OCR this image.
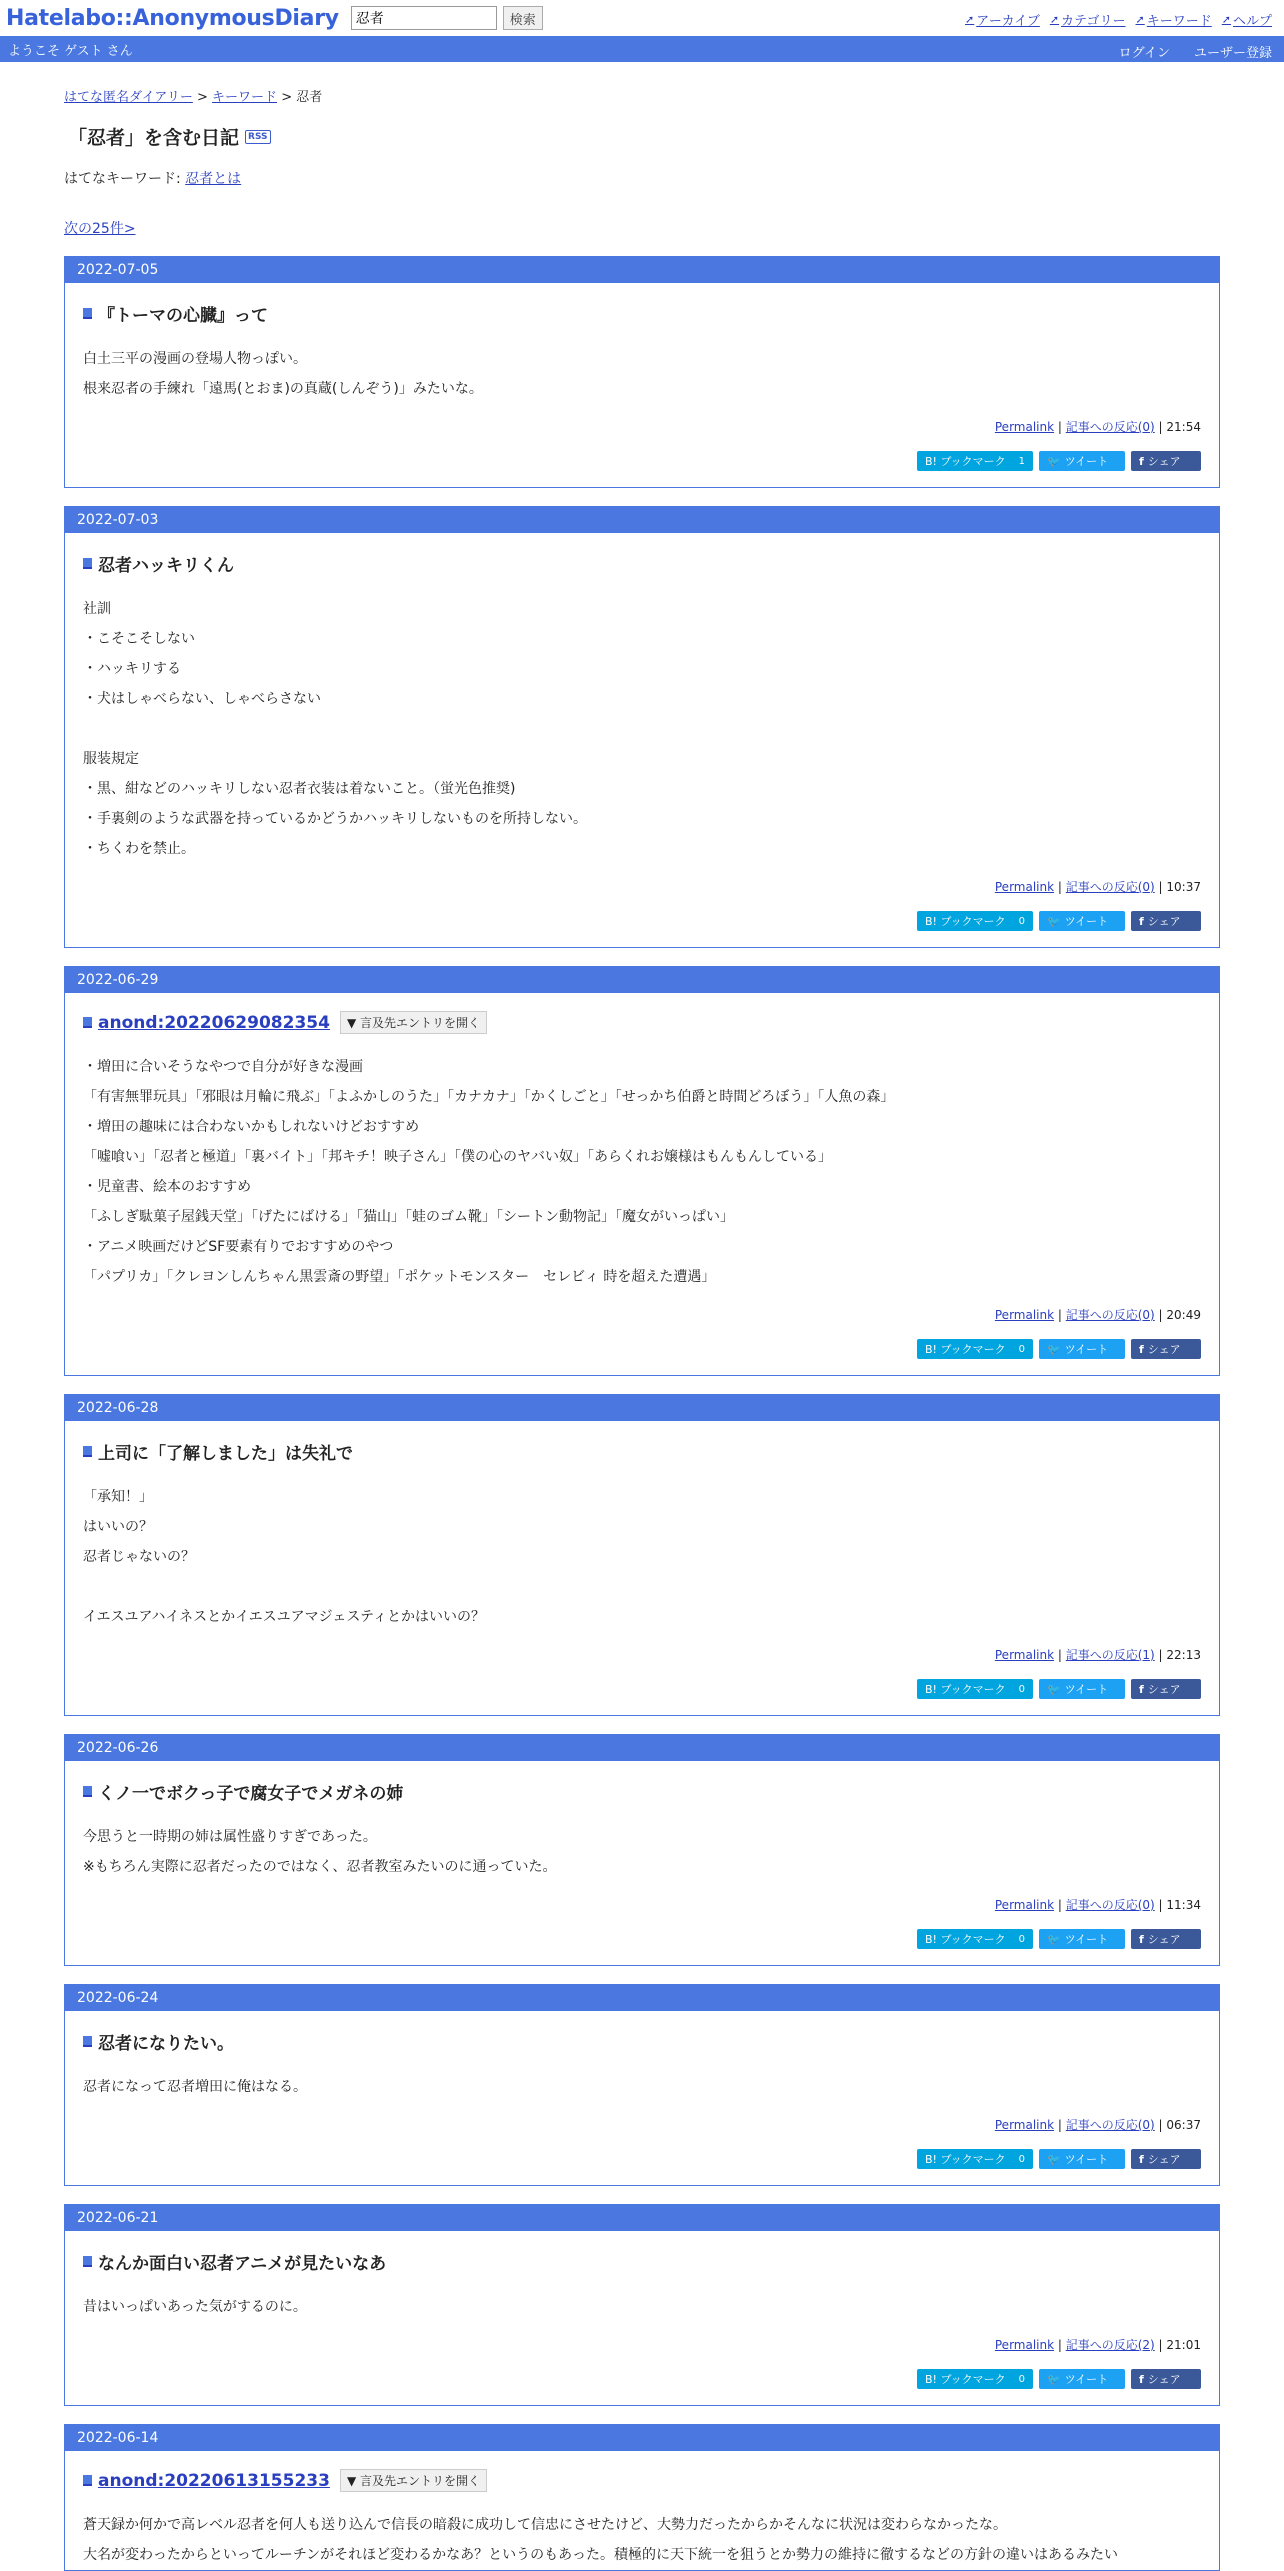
Hatelabo::AnonymousDiary
忍者	検索	➚ アーカイブ ➚ カテゴリー ➚ キーワード ➚ ヘルプ
ようこそ ゲスト さん	ログイン ユーザー登録
はてな匿名ダイアリー > キーワード > 忍者
「忍者」を含む日記	RSS
はてなキーワード: 忍者とは
次の25件>
2022-07-05
『トーマの心臓』って
白土三平の漫画の登場人物っぽい。
根来忍者の手練れ「遠馬(とおま)の真蔵(しんぞう)」みたいな。
Permalink | 記事への反応(0) | 21:54
B! ブックマーク 1 🐦 ツイート	f シェア
2022-07-03
忍者ハッキリくん
社訓
・こそこそしない
・ハッキリする
・犬はしゃべらない、しゃべらさない
服装規定
・黒、紺などのハッキリしない忍者衣装は着ないこと。（蛍光色推奨)
・手裏剣のような武器を持っているかどうかハッキリしないものを所持しない。
・ちくわを禁止。
Permalink | 記事への反応(0) | 10:37
B! ブックマーク 0 🐦 ツイート	f シェア
2022-06-29
anond:20220629082354	▼ 言及先エントリを開く
・増田に合いそうなやつで自分が好きな漫画
「有害無罪玩具」「邪眼は月輪に飛ぶ」「よふかしのうた」「カナカナ」「かくしごと」「せっかち伯爵と時間どろぼう」「人魚の森」
・増田の趣味には合わないかもしれないけどおすすめ
「嘘喰い」「忍者と極道」「裏バイト」「邦キチ！映子さん」「僕の心のヤバい奴」「あらくれお嬢様はもんもんしている」
・児童書、絵本のおすすめ
「ふしぎ駄菓子屋銭天堂」「げたにばける」「猫山」「蛙のゴム靴」「シートン動物記」「魔女がいっぱい」
・アニメ映画だけどSF要素有りでおすすめのやつ
「パプリカ」「クレヨンしんちゃん黒雲斎の野望」「ポケットモンスター　セレビィ 時を超えた遭遇」
Permalink | 記事への反応(0) | 20:49
B! ブックマーク 0 🐦 ツイート	f シェア
2022-06-28
上司に「了解しました」は失礼で
「承知！」
はいいの？
忍者じゃないの？
イエスユアハイネスとかイエスユアマジェスティとかはいいの？
Permalink | 記事への反応(1) | 22:13
B! ブックマーク 0 🐦 ツイート	f シェア
2022-06-26
くノ一でボクっ子で腐女子でメガネの姉
今思うと一時期の姉は属性盛りすぎであった。
※もちろん実際に忍者だったのではなく、忍者教室みたいのに通っていた。
Permalink | 記事への反応(0) | 11:34
B! ブックマーク 0 🐦 ツイート	f シェア
2022-06-24
忍者になりたい。
忍者になって忍者増田に俺はなる。
Permalink | 記事への反応(0) | 06:37
B! ブックマーク 0 🐦 ツイート	f シェア
2022-06-21
なんか面白い忍者アニメが見たいなあ
昔はいっぱいあった気がするのに。
Permalink | 記事への反応(2) | 21:01
B! ブックマーク 0 🐦 ツイート	f シェア
2022-06-14
anond:20220613155233	▼ 言及先エントリを開く
蒼天録か何かで高レベル忍者を何人も送り込んで信長の暗殺に成功して信忠にさせたけど、大勢力だったからかそんなに状況は変わらなかったな。
大名が変わったからといってルーチンがそれほど変わるかなあ？というのもあった。積極的に天下統一を狙うとか勢力の維持に徹するなどの方針の違いはあるみたい
